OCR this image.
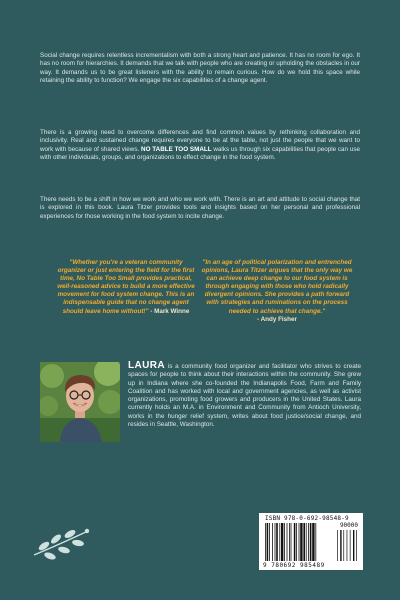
Social change requires relentless incrementalism with both a strong heart and patience. It has no room for ego. It has no room for hierarchies. It demands that we talk with people who are creating or upholding the obstacles in our way. It demands us to be great listeners with the ability to remain curious. How do we hold this space while retaining the ability to function? We engage the six capabilities of a change agent.
There is a growing need to overcome differences and find common values by rethinking collaboration and inclusivity. Real and sustained change requires everyone to be at the table, not just the people that we want to work with because of shared views. NO TABLE TOO SMALL walks us through six capabilities that people can use with other individuals, groups, and organizations to effect change in the food system.
There needs to be a shift in how we work and who we work with. There is an art and attitude to social change that is explored in this book. Laura Titzer provides tools and insights based on her personal and professional experiences for those working in the food system to incite change.
"Whether you're a veteran community organizer or just entering the field for the first time, No Table Too Small provides practical, well-reasoned advice to build a more effective movement for food system change. This is an indispensable guide that no change agent should leave home without!" - Mark Winne
"In an age of political polarization and entrenched opinions, Laura Titzer argues that the only way we can achieve deep change to our food system is through engaging with those who hold radically divergent opinions. She provides a path forward with strategies and ruminations on the process needed to achieve that change."
- Andy Fisher
LAURA is a community food organizer and facilitator who strives to create spaces for people to think about their interactions within the community. She grew up in Indiana where she co-founded the Indianapolis Food, Farm and Family Coalition and has worked with local and government agencies, as well as activist organizations, promoting food growers and producers in the United States. Laura currently holds an M.A. in Environment and Community from Antioch University, works in the hunger relief system, writes about food justice/social change, and resides in Seattle, Washington.
ISBN 978-0-692-98548-9
90000
9 780692 985489
